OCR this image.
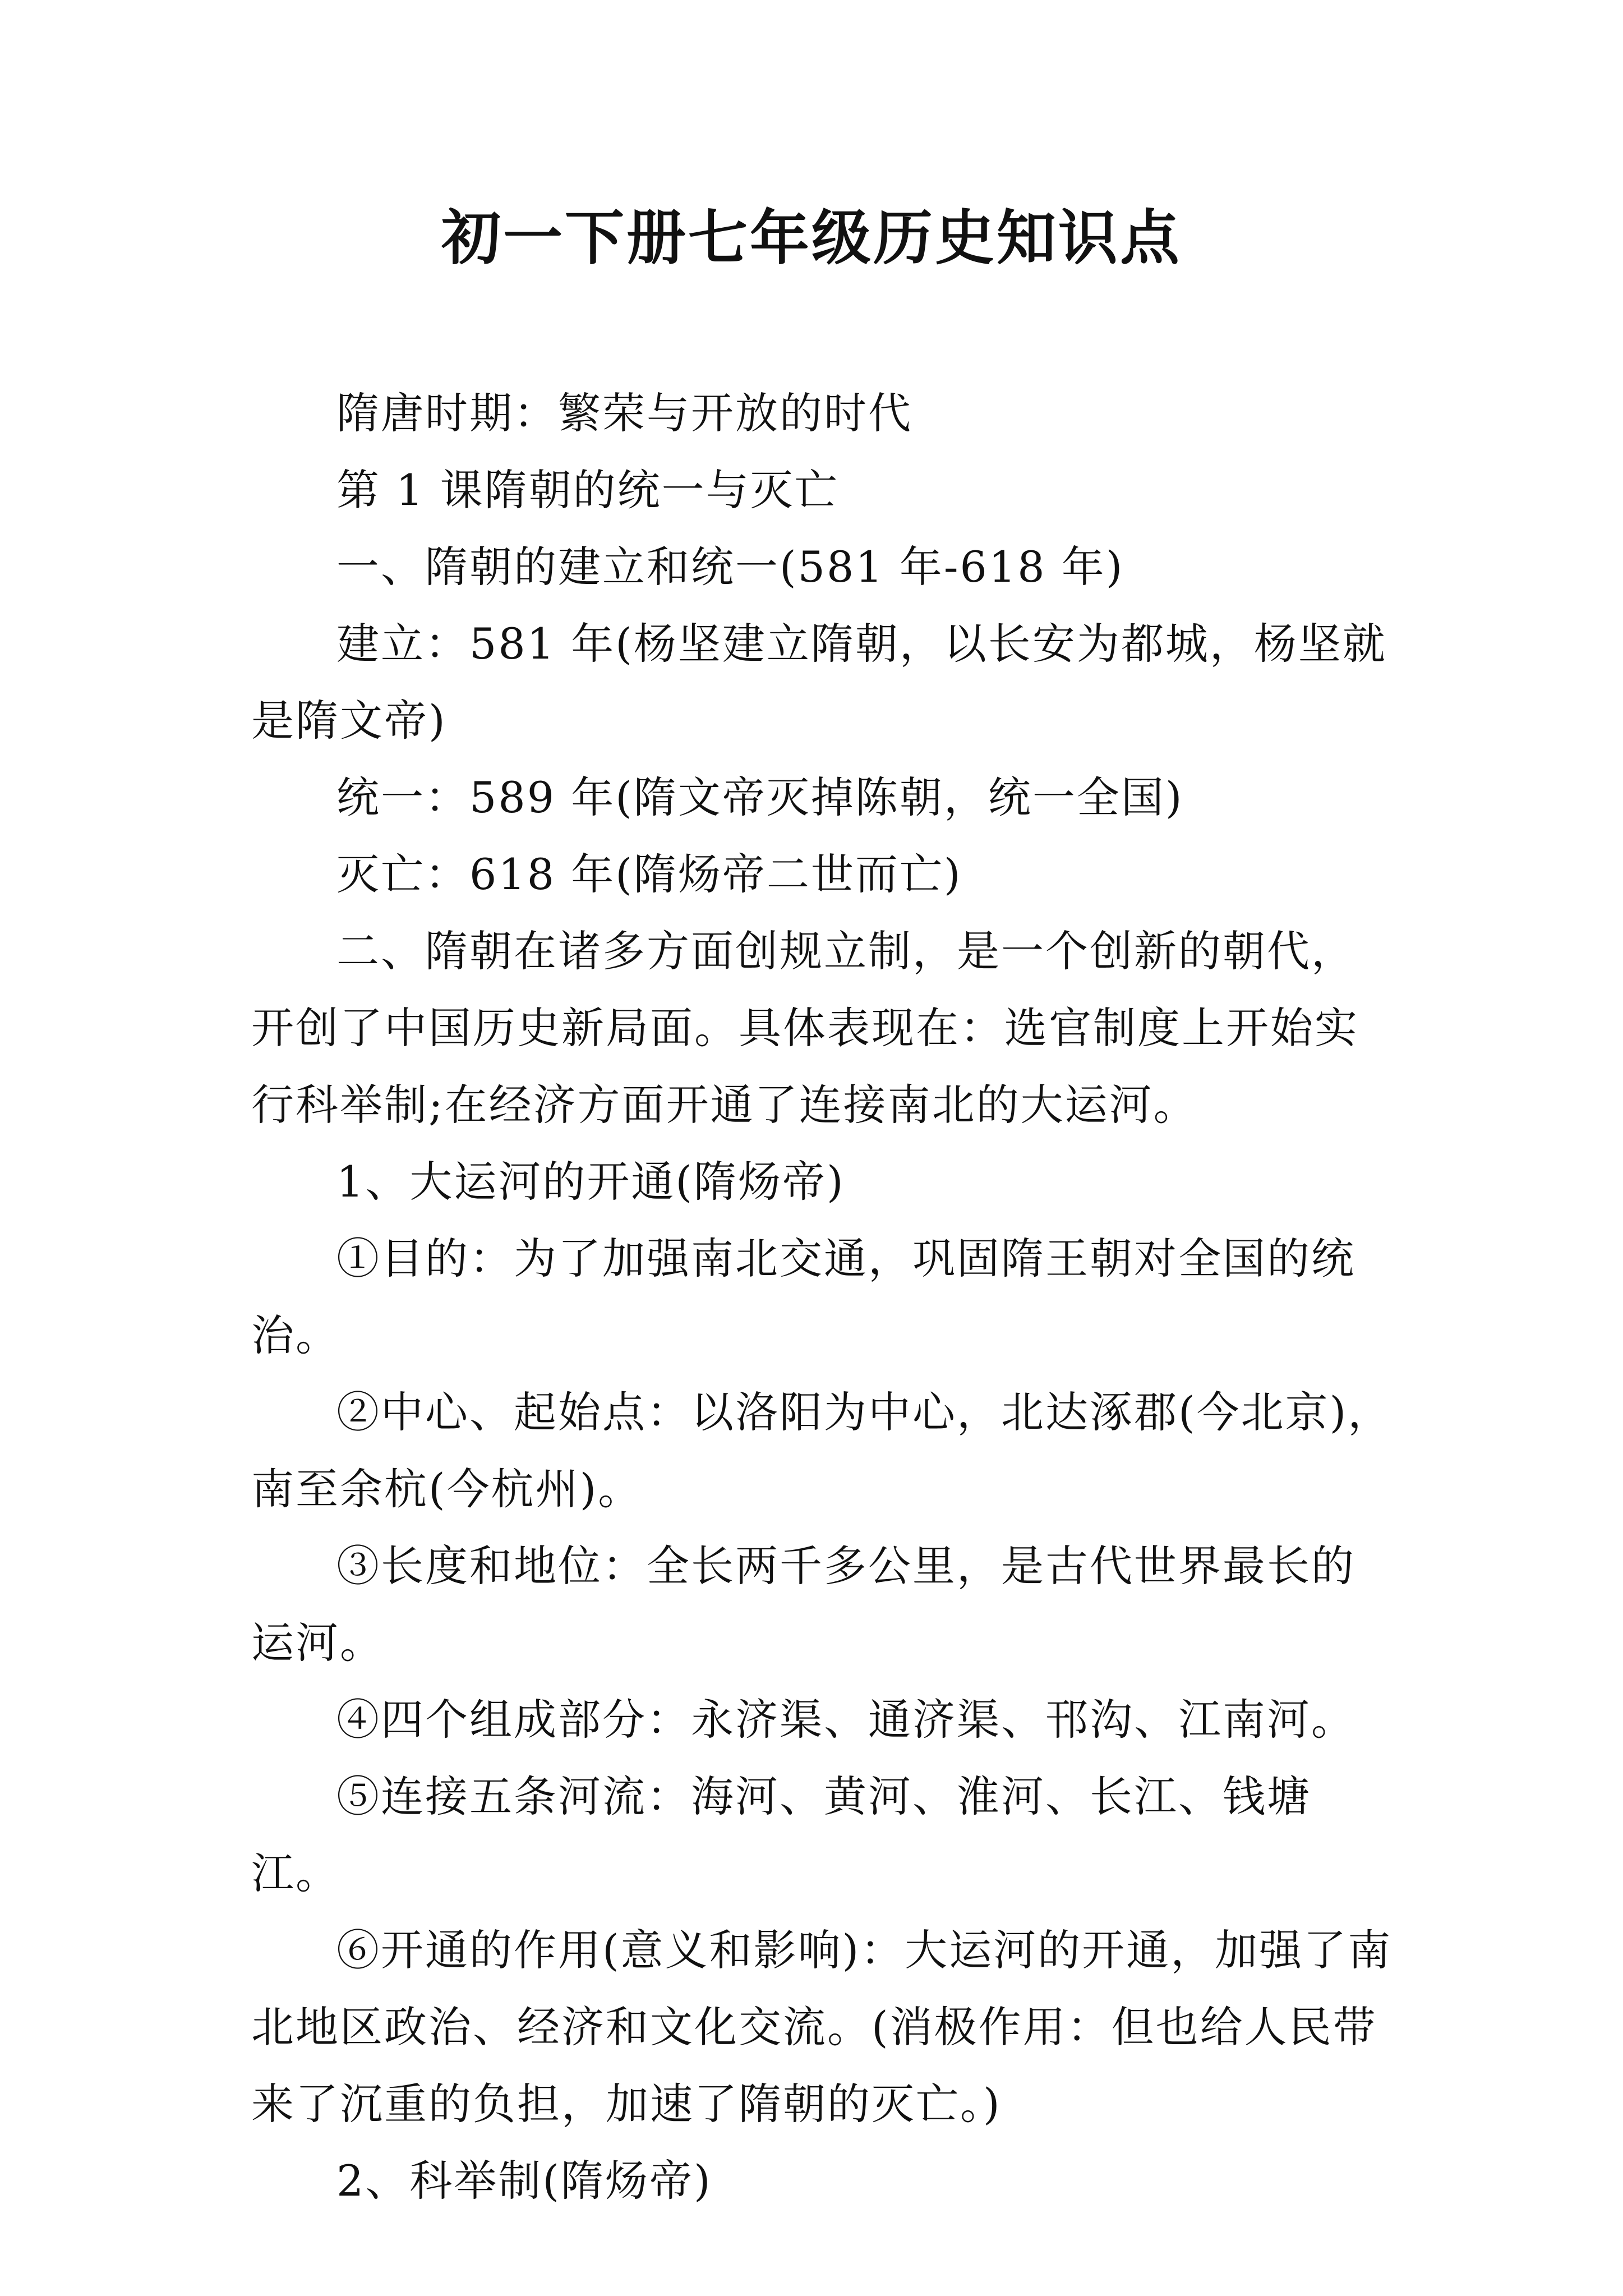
初一下册七年级历史知识点

隋唐时期：繁荣与开放的时代

第 1 课隋朝的统一与灭亡

一、隋朝的建立和统一(581 年-618 年)

建立：581 年(杨坚建立隋朝，以长安为都城，杨坚就是隋文帝)

统一：589 年(隋文帝灭掉陈朝，统一全国)

灭亡：618 年(隋炀帝二世而亡)

二、隋朝在诸多方面创规立制，是一个创新的朝代，开创了中国历史新局面。具体表现在：选官制度上开始实行科举制;在经济方面开通了连接南北的大运河。

1、大运河的开通(隋炀帝)

①目的：为了加强南北交通，巩固隋王朝对全国的统治。

②中心、起始点：以洛阳为中心，北达涿郡(今北京)，南至余杭(今杭州)。

③长度和地位：全长两千多公里，是古代世界最长的运河。

④四个组成部分：永济渠、通济渠、邗沟、江南河。

⑤连接五条河流：海河、黄河、淮河、长江、钱塘江。

⑥开通的作用(意义和影响)：大运河的开通，加强了南北地区政治、经济和文化交流。(消极作用：但也给人民带来了沉重的负担，加速了隋朝的灭亡。)

2、科举制(隋炀帝)
